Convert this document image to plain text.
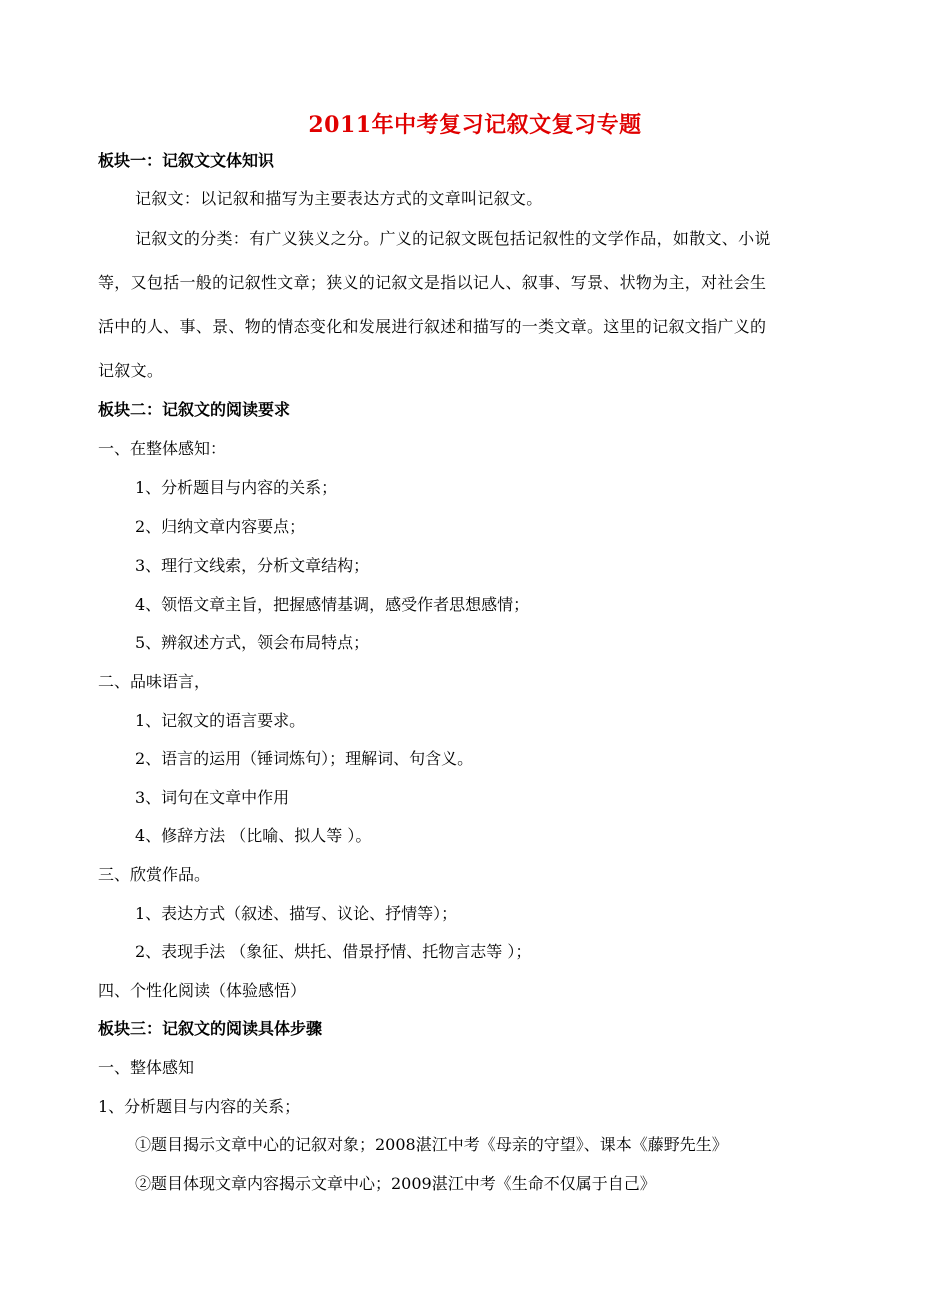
2011年中考复习记叙文复习专题
板块一：记叙文文体知识
记叙文：以记叙和描写为主要表达方式的文章叫记叙文。
记叙文的分类：有广义狭义之分。广义的记叙文既包括记叙性的文学作品，如散文、小说
等，又包括一般的记叙性文章；狭义的记叙文是指以记人、叙事、写景、状物为主，对社会生
活中的人、事、景、物的情态变化和发展进行叙述和描写的一类文章。这里的记叙文指广义的
记叙文。
板块二：记叙文的阅读要求
一、在整体感知：
1、分析题目与内容的关系；
2、归纳文章内容要点；
3、理行文线索，分析文章结构；
4、领悟文章主旨，把握感情基调，感受作者思想感情；
5、辨叙述方式，领会布局特点；
二、品味语言，
1、记叙文的语言要求。
2、语言的运用（锤词炼句）；理解词、句含义。
3、词句在文章中作用
4、修辞方法 （比喻、拟人等 ）。
三、欣赏作品。
1、表达方式（叙述、描写、议论、抒情等）；
2、表现手法 （象征、烘托、借景抒情、托物言志等 ）；
四、个性化阅读（体验感悟）
板块三：记叙文的阅读具体步骤
一、整体感知
1、分析题目与内容的关系；
①题目揭示文章中心的记叙对象；2008湛江中考《母亲的守望》、课本《藤野先生》
②题目体现文章内容揭示文章中心；2009湛江中考《生命不仅属于自己》
